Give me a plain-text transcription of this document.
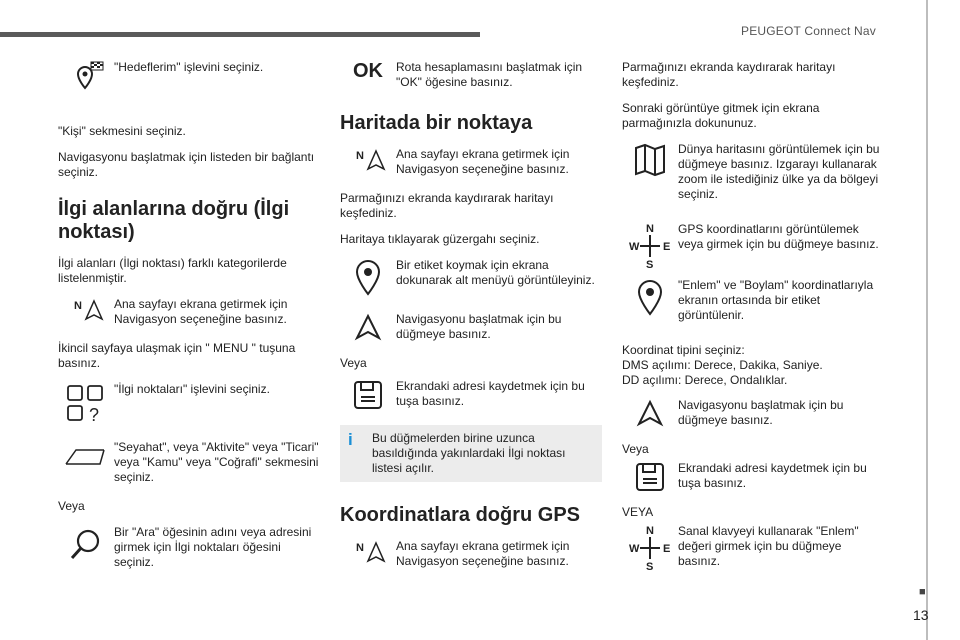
PEUGEOT Connect Nav
■
13

"Hedeflerim" işlevini seçiniz.

"Kişi" sekmesini seçiniz.

Navigasyonu başlatmak için listeden bir bağlantı seçiniz.

İlgi alanlarına doğru (İlgi noktası)

İlgi alanları (İlgi noktası) farklı kategorilerde listelenmiştir.

N	Ana sayfayı ekrana getirmek için Navigasyon seçeneğine basınız.

İkincil sayfaya ulaşmak için " MENU " tuşuna basınız.

?

"İlgi noktaları" işlevini seçiniz.

"Seyahat", veya "Aktivite" veya "Ticari" veya "Kamu" veya "Coğrafi" sekmesini seçiniz.

Veya

Bir "Ara" öğesinin adını veya adresini girmek için İlgi noktaları öğesini seçiniz.

OK Rota hesaplamasını başlatmak için "OK" öğesine basınız.

Haritada bir noktaya
N	Ana sayfayı ekrana getirmek için Navigasyon seçeneğine basınız.

Parmağınızı ekranda kaydırarak haritayı keşfediniz.

Haritaya tıklayarak güzergahı seçiniz.

Bir etiket koymak için ekrana dokunarak alt menüyü görüntüleyiniz.

Navigasyonu başlatmak için bu düğmeye basınız.

Veya

Ekrandaki adresi kaydetmek için bu tuşa basınız.

i	Bu düğmelerden birine uzunca basıldığında yakınlardaki İlgi noktası listesi açılır.

Koordinatlara doğru GPS
N	Ana sayfayı ekrana getirmek için Navigasyon seçeneğine basınız.

Parmağınızı ekranda kaydırarak haritayı keşfediniz.

Sonraki görüntüye gitmek için ekrana parmağınızla dokununuz.

Dünya haritasını görüntülemek için bu düğmeye basınız. Izgarayı kullanarak zoom ile istediğiniz ülke ya da bölgeyi seçiniz.

N
W E
S

GPS koordinatlarını görüntülemek veya girmek için bu düğmeye basınız.

"Enlem" ve "Boylam" koordinatlarıyla ekranın ortasında bir etiket görüntülenir.

Koordinat tipini seçiniz:
DMS açılımı: Derece, Dakika, Saniye.
DD açılımı: Derece, Ondalıklar.

Navigasyonu başlatmak için bu düğmeye basınız.

Veya

Ekrandaki adresi kaydetmek için bu tuşa basınız.

VEYA

N
W E
S

Sanal klavyeyi kullanarak "Enlem" değeri girmek için bu düğmeye basınız.
